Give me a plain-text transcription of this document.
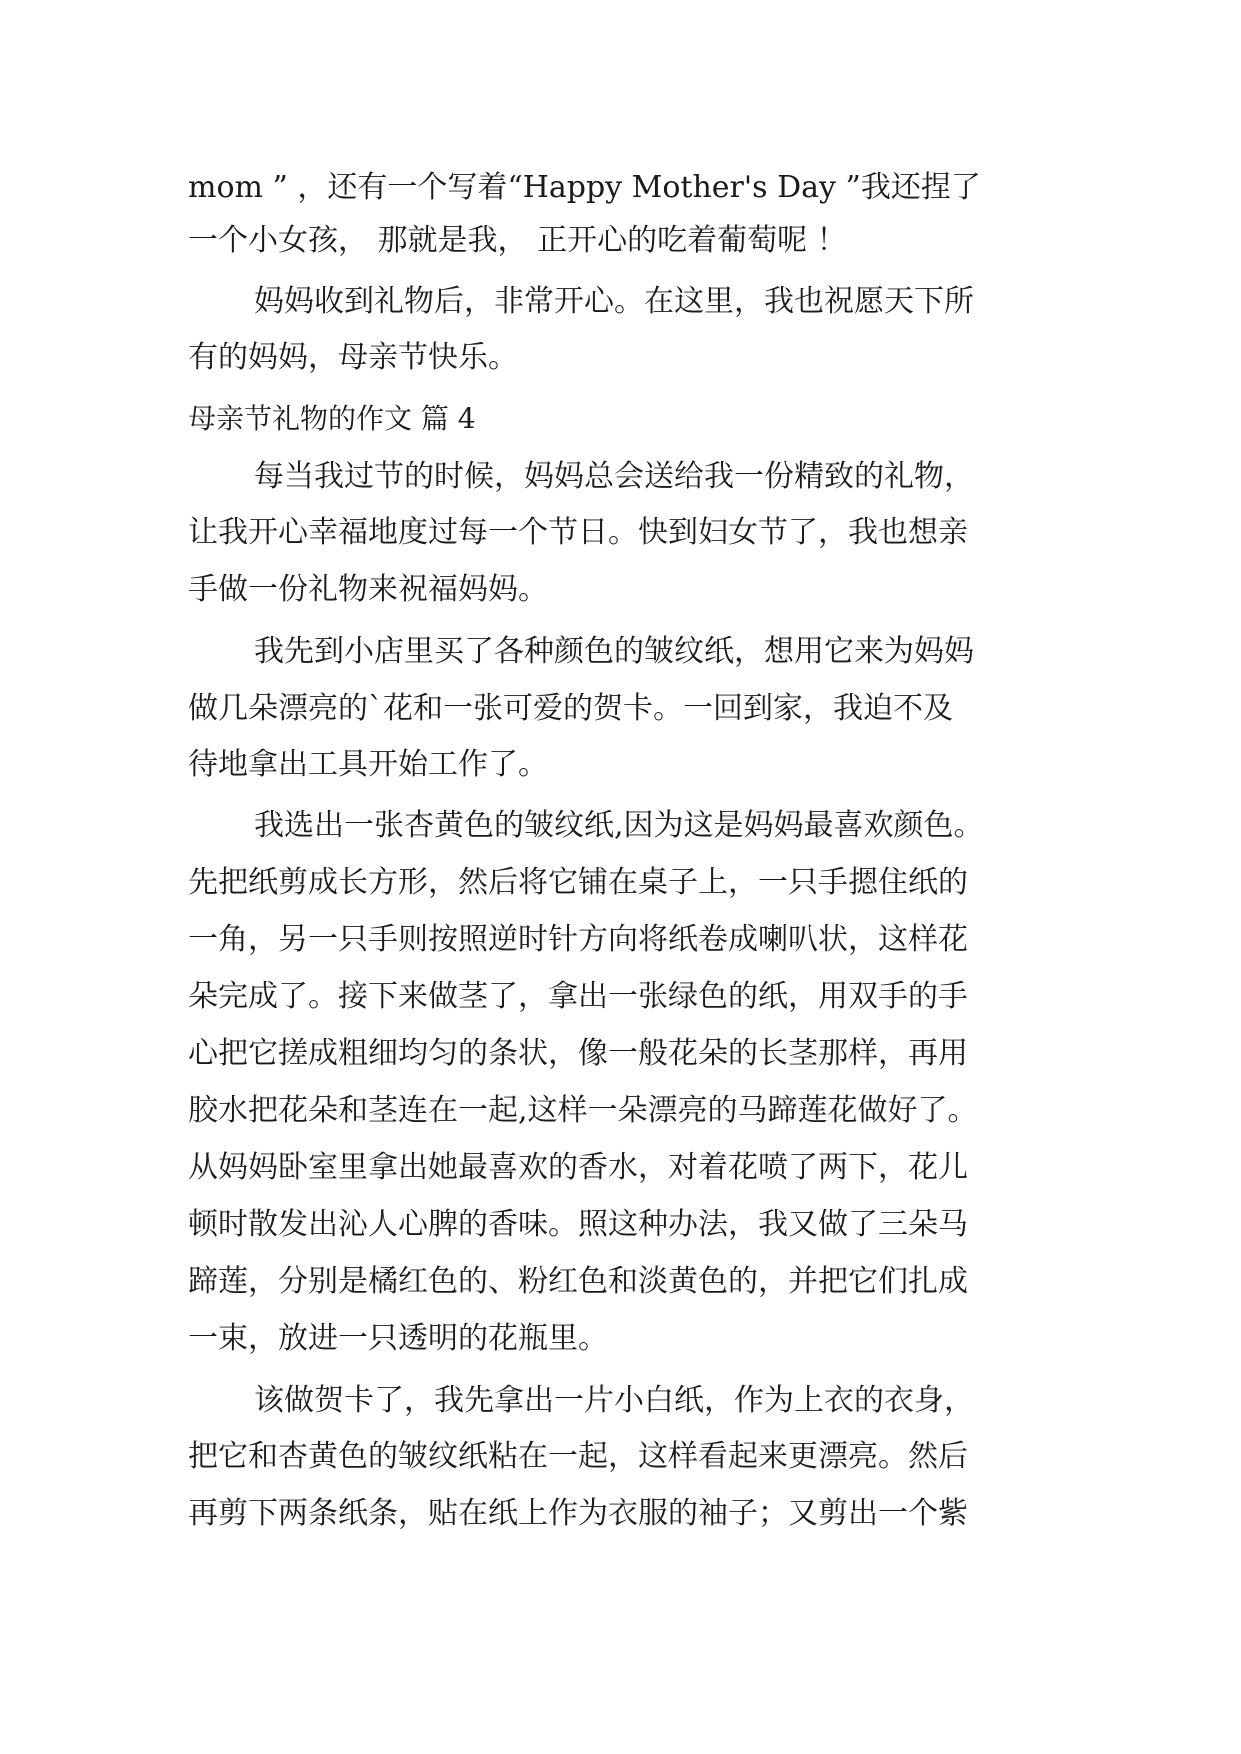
mom ” ，还有一个写着“Happy Mother's Day ”我还捏了
一个小女孩， 那就是我， 正开心的吃着葡萄呢 ！
妈妈收到礼物后，非常开心。在这里，我也祝愿天下所
有的妈妈，母亲节快乐。
母亲节礼物的作文 篇 4
每当我过节的时候，妈妈总会送给我一份精致的礼物，
让我开心幸福地度过每一个节日。快到妇女节了，我也想亲
手做一份礼物来祝福妈妈。
我先到小店里买了各种颜色的皱纹纸，想用它来为妈妈
做几朵漂亮的`花和一张可爱的贺卡。一回到家，我迫不及
待地拿出工具开始工作了。
我选出一张杏黄色的皱纹纸,因为这是妈妈最喜欢颜色。
先把纸剪成长方形，然后将它铺在桌子上，一只手摁住纸的
一角，另一只手则按照逆时针方向将纸卷成喇叭状，这样花
朵完成了。接下来做茎了，拿出一张绿色的纸，用双手的手
心把它搓成粗细均匀的条状，像一般花朵的长茎那样，再用
胶水把花朵和茎连在一起,这样一朵漂亮的马蹄莲花做好了。
从妈妈卧室里拿出她最喜欢的香水，对着花喷了两下，花儿
顿时散发出沁人心脾的香味。照这种办法，我又做了三朵马
蹄莲，分别是橘红色的、粉红色和淡黄色的，并把它们扎成
一束，放进一只透明的花瓶里。
该做贺卡了，我先拿出一片小白纸，作为上衣的衣身，
把它和杏黄色的皱纹纸粘在一起，这样看起来更漂亮。然后
再剪下两条纸条，贴在纸上作为衣服的袖子；又剪出一个紫
